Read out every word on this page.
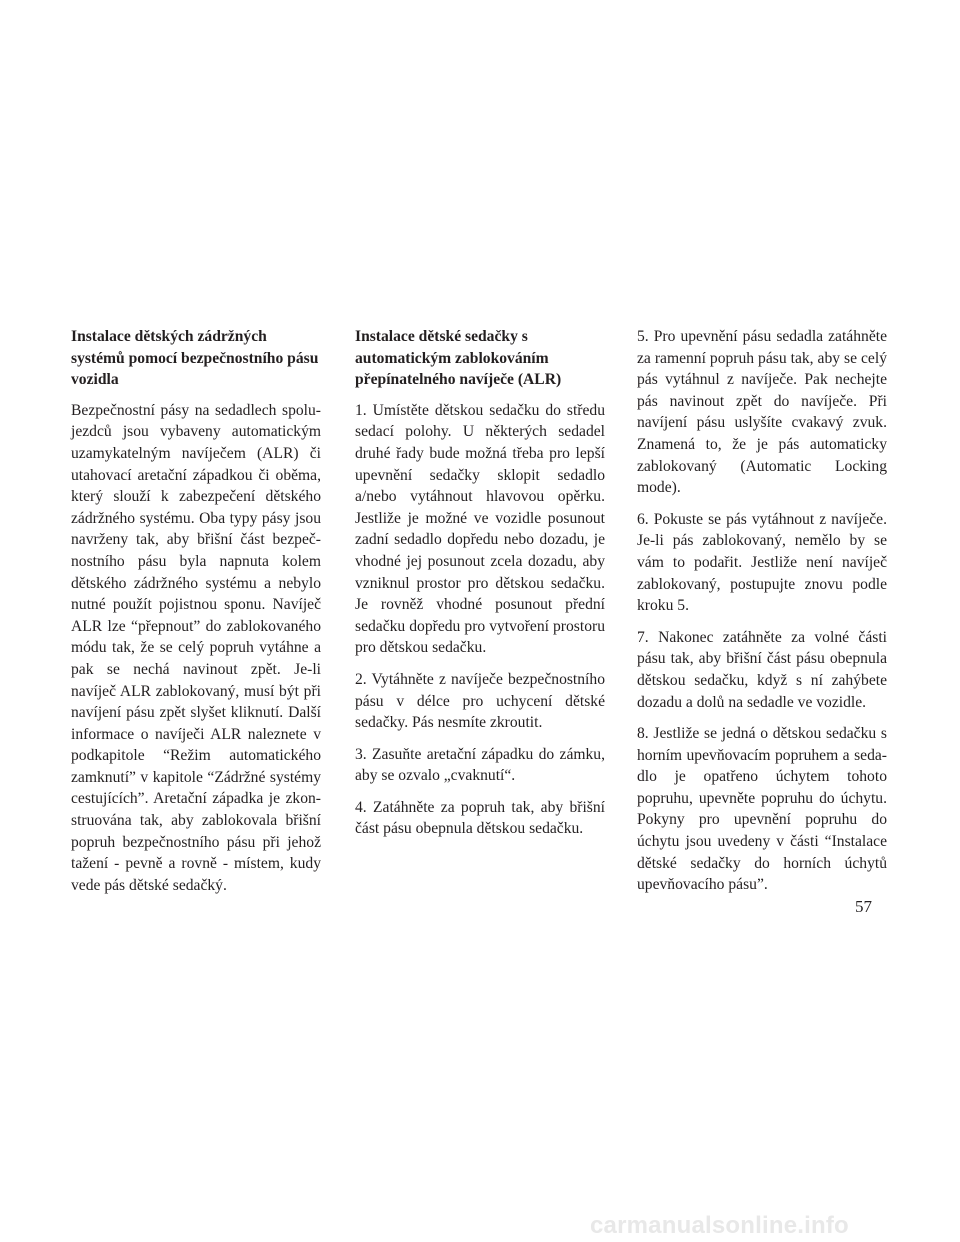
Instalace dětských zádržných systémů pomocí bezpečnostního pásu vozidla

Bezpečnostní pásy na sedadlech spolujezdců jsou vybaveny automatickým uzamykatelným navíječem (ALR) či utahovací aretační západkou či oběma, který slouží k zabezpečení dětského zádržného systému. Oba typy pásy jsou navrženy tak, aby břišní část bezpečnostního pásu byla napnuta kolem dětského zádržného systému a nebylo nutné použít pojistnou sponu. Navíječ ALR lze “přepnout” do zablokovaného módu tak, že se celý popruh vytáhne a pak se nechá navinout zpět. Je-li navíječ ALR zablokovaný, musí být při navíjení pásu zpět slyšet kliknutí. Další informace o navíječi ALR naleznete v podkapitole “Režim automatického zamknutí” v kapitole “Zádržné systémy cestujících”. Aretační západka je zkonstruována tak, aby zablokovala břišní popruh bezpečnostního pásu při jehož tažení - pevně a rovně - místem, kudy vede pás dětské sedačký.

Instalace dětské sedačky s automatickým zablokováním přepínatelného navíječe (ALR)

1. Umístěte dětskou sedačku do středu sedací polohy. U některých sedadel druhé řady bude možná třeba pro lepší upevnění sedačky sklopit sedadlo a/nebo vytáhnout hlavovou opěrku. Jestliže je možné ve vozidle posunout zadní sedadlo dopředu nebo dozadu, je vhodné jej posunout zcela dozadu, aby vzniknul prostor pro dětskou sedačku. Je rovněž vhodné posunout přední sedačku dopředu pro vytvoření prostoru pro dětskou sedačku.

2. Vytáhněte z navíječe bezpečnostního pásu v délce pro uchycení dětské sedačky. Pás nesmíte zkroutit.

3. Zasuňte aretační západku do zámku, aby se ozvalo „cvaknutí“.

4. Zatáhněte za popruh tak, aby břišní část pásu obepnula dětskou sedačku.

5. Pro upevnění pásu sedadla zatáhněte za ramenní popruh pásu tak, aby se celý pás vytáhnul z navíječe. Pak nechejte pás navinout zpět do navíječe. Při navíjení pásu uslyšíte cvakavý zvuk. Znamená to, že je pás automaticky zablokovaný (Automatic Locking mode).

6. Pokuste se pás vytáhnout z navíječe. Je-li pás zablokovaný, nemělo by se vám to podařit. Jestliže není navíječ zablokovaný, postupujte znovu podle kroku 5.

7. Nakonec zatáhněte za volné části pásu tak, aby břišní část pásu obepnula dětskou sedačku, když s ní zahýbete dozadu a dolů na sedadle ve vozidle.

8. Jestliže se jedná o dětskou sedačku s horním upevňovacím popruhem a sedadlo je opatřeno úchytem tohoto popruhu, upevněte popruhu do úchytu. Pokyny pro upevnění popruhu do úchytu jsou uvedeny v části “Instalace dětské sedačky do horních úchytů upevňovacího pásu”.

57
carmanualsonline.info
